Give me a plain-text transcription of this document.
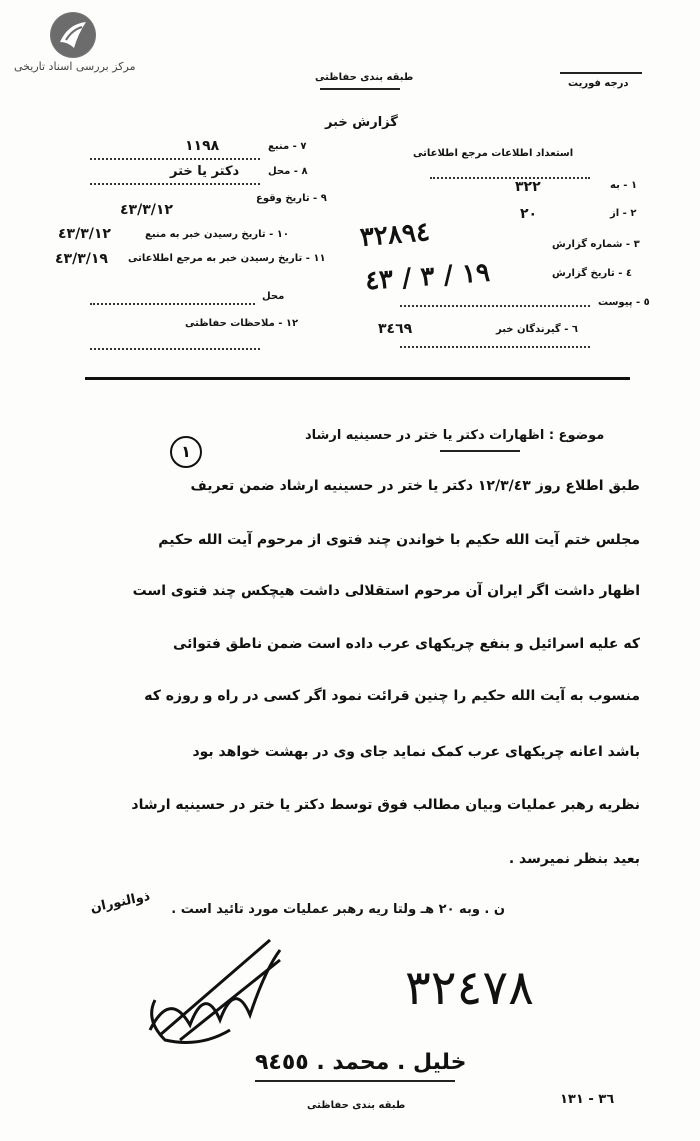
مرکز بررسی اسناد تاریخی
طبقه بندی حفاظتی
درجه فوریت
گزارش خبر
٧ - منبع
١١٩٨
٨ - محل
دکتر یا ختر
٩ - تاریخ وقوع
٤٣/٣/١٢
١٠ - تاریخ رسیدن خبر به منبع
٤٣/٣/١٢
١١ - تاریخ رسیدن خبر به مرجع اطلاعاتی
٤٣/٣/١٩
محل
١٢ - ملاحظات حفاظتی
استعداد اطلاعات مرجع اطلاعاتی
١ - به
٣٢٢
٢ - از
٢٠
٣ - شماره گزارش
٤ - تاریخ گزارش
٥ - پیوست
٦ - گیرندگان خبر
٣٤٦٩
٣٢٨٩٤
١٩ / ٣ / ٤٣
موضوع : اظهارات دکتر یا ختر در حسینیه ارشاد
١
طبق اطلاع روز ١٢/٣/٤٣ دکتر یا ختر در حسینیه ارشاد ضمن تعریف
مجلس ختم آیت الله حکیم با خواندن چند فتوی از مرحوم آیت الله حکیم
اظهار داشت اگر ایران آن مرحوم استقلالی داشت هیچکس چند فتوی است
که علیه اسرائیل و بنفع چریکهای عرب داده است ضمن ناطق فتوائی
منسوب به آیت الله حکیم را چنین قرائت نمود اگر کسی در راه و روزه که
باشد اعانه چریکهای عرب کمک نماید جای وی در بهشت خواهد بود
نظریه رهبر عملیات وبیان مطالب فوق توسط دکتر یا ختر در حسینیه ارشاد
بعید بنظر نمیرسد .
ن . وبه ٢٠ هـ ولتا ریه رهبر عملیات مورد تائید است .
ذوالنوران
٣٢٤٧٨
خلیل . محمد . ٩٤٥٥
طبقه بندی حفاظتی	٣٦ - ١٣١
